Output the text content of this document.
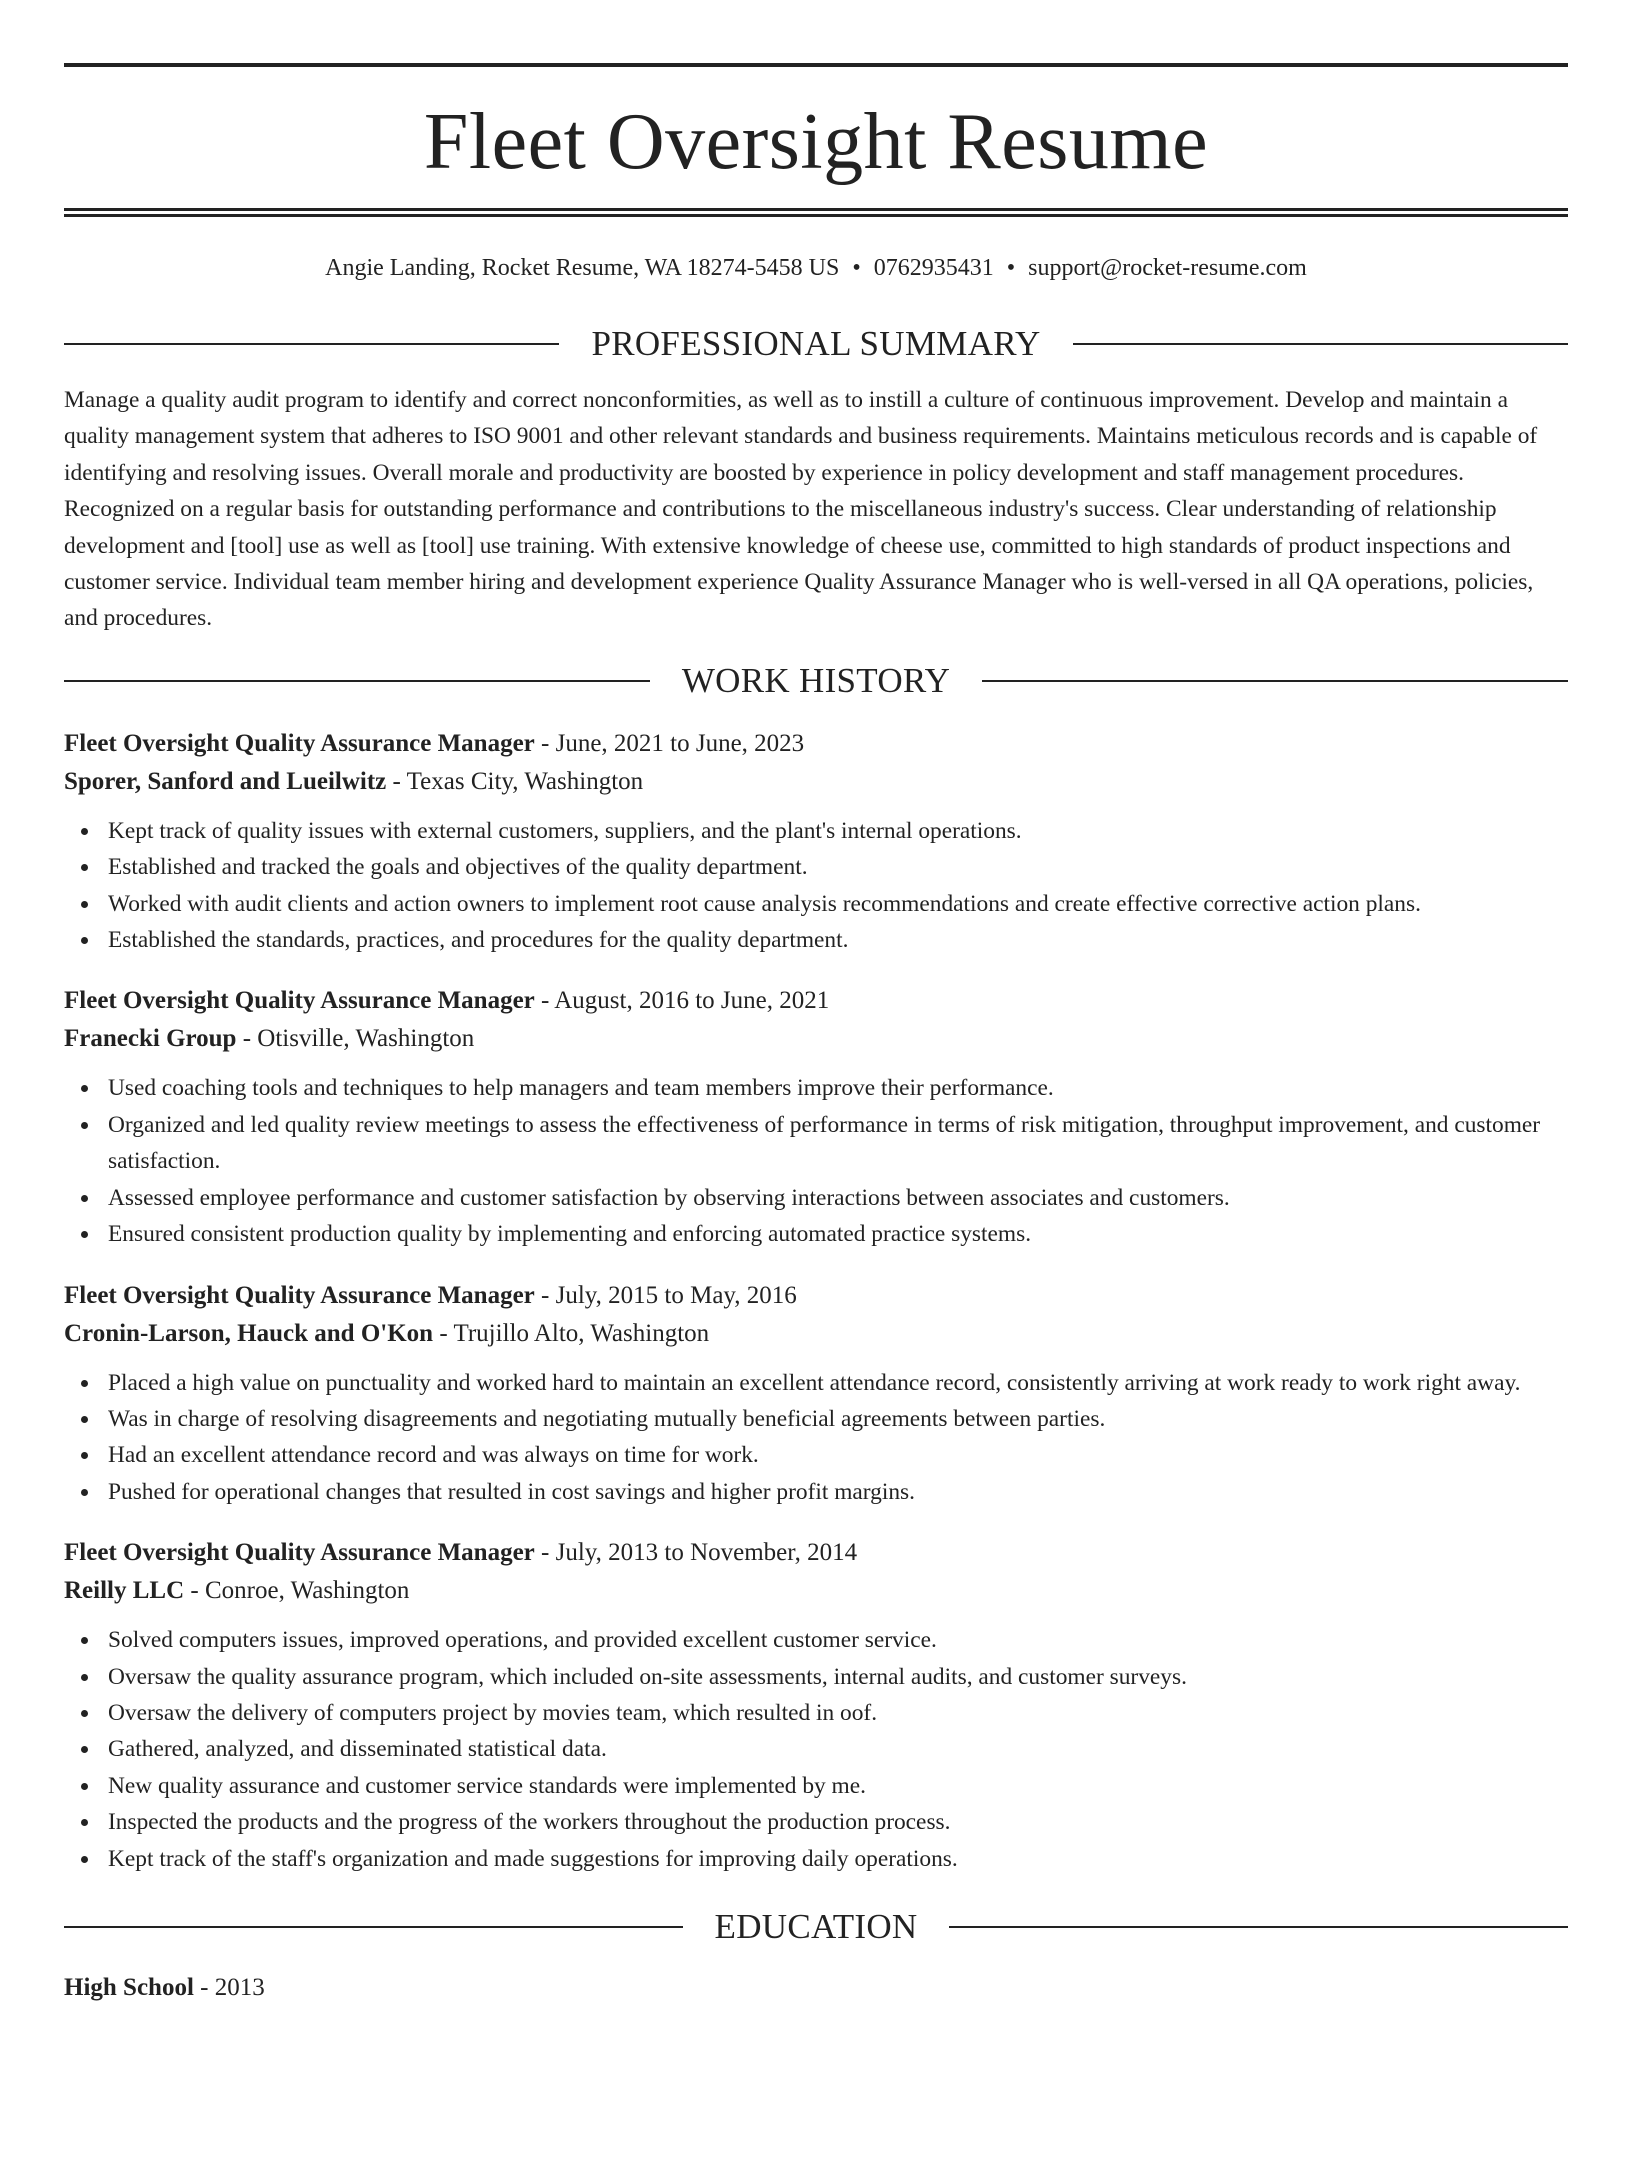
Fleet Oversight Resume
Angie Landing, Rocket Resume, WA 18274-5458 US • 0762935431 • support@rocket-resume.com
PROFESSIONAL SUMMARY

Manage a quality audit program to identify and correct nonconformities, as well as to instill a culture of continuous improvement. Develop and maintain a quality management system that adheres to ISO 9001 and other relevant standards and business requirements. Maintains meticulous records and is capable of identifying and resolving issues. Overall morale and productivity are boosted by experience in policy development and staff management procedures. Recognized on a regular basis for outstanding performance and contributions to the miscellaneous industry's success. Clear understanding of relationship development and [tool] use as well as [tool] use training. With extensive knowledge of cheese use, committed to high standards of product inspections and customer service. Individual team member hiring and development experience Quality Assurance Manager who is well-versed in all QA operations, policies, and procedures.

WORK HISTORY

Fleet Oversight Quality Assurance Manager - June, 2021 to June, 2023

Sporer, Sanford and Lueilwitz - Texas City, Washington

Kept track of quality issues with external customers, suppliers, and the plant's internal operations.
Established and tracked the goals and objectives of the quality department.
Worked with audit clients and action owners to implement root cause analysis recommendations and create effective corrective action plans.
Established the standards, practices, and procedures for the quality department.

Fleet Oversight Quality Assurance Manager - August, 2016 to June, 2021

Franecki Group - Otisville, Washington

Used coaching tools and techniques to help managers and team members improve their performance.
Organized and led quality review meetings to assess the effectiveness of performance in terms of risk mitigation, throughput improvement, and customer satisfaction.
Assessed employee performance and customer satisfaction by observing interactions between associates and customers.
Ensured consistent production quality by implementing and enforcing automated practice systems.

Fleet Oversight Quality Assurance Manager - July, 2015 to May, 2016

Cronin-Larson, Hauck and O'Kon - Trujillo Alto, Washington

Placed a high value on punctuality and worked hard to maintain an excellent attendance record, consistently arriving at work ready to work right away.
Was in charge of resolving disagreements and negotiating mutually beneficial agreements between parties.
Had an excellent attendance record and was always on time for work.
Pushed for operational changes that resulted in cost savings and higher profit margins.

Fleet Oversight Quality Assurance Manager - July, 2013 to November, 2014

Reilly LLC - Conroe, Washington

Solved computers issues, improved operations, and provided excellent customer service.
Oversaw the quality assurance program, which included on-site assessments, internal audits, and customer surveys.
Oversaw the delivery of computers project by movies team, which resulted in oof.
Gathered, analyzed, and disseminated statistical data.
New quality assurance and customer service standards were implemented by me.
Inspected the products and the progress of the workers throughout the production process.
Kept track of the staff's organization and made suggestions for improving daily operations.
EDUCATION

High School - 2013
